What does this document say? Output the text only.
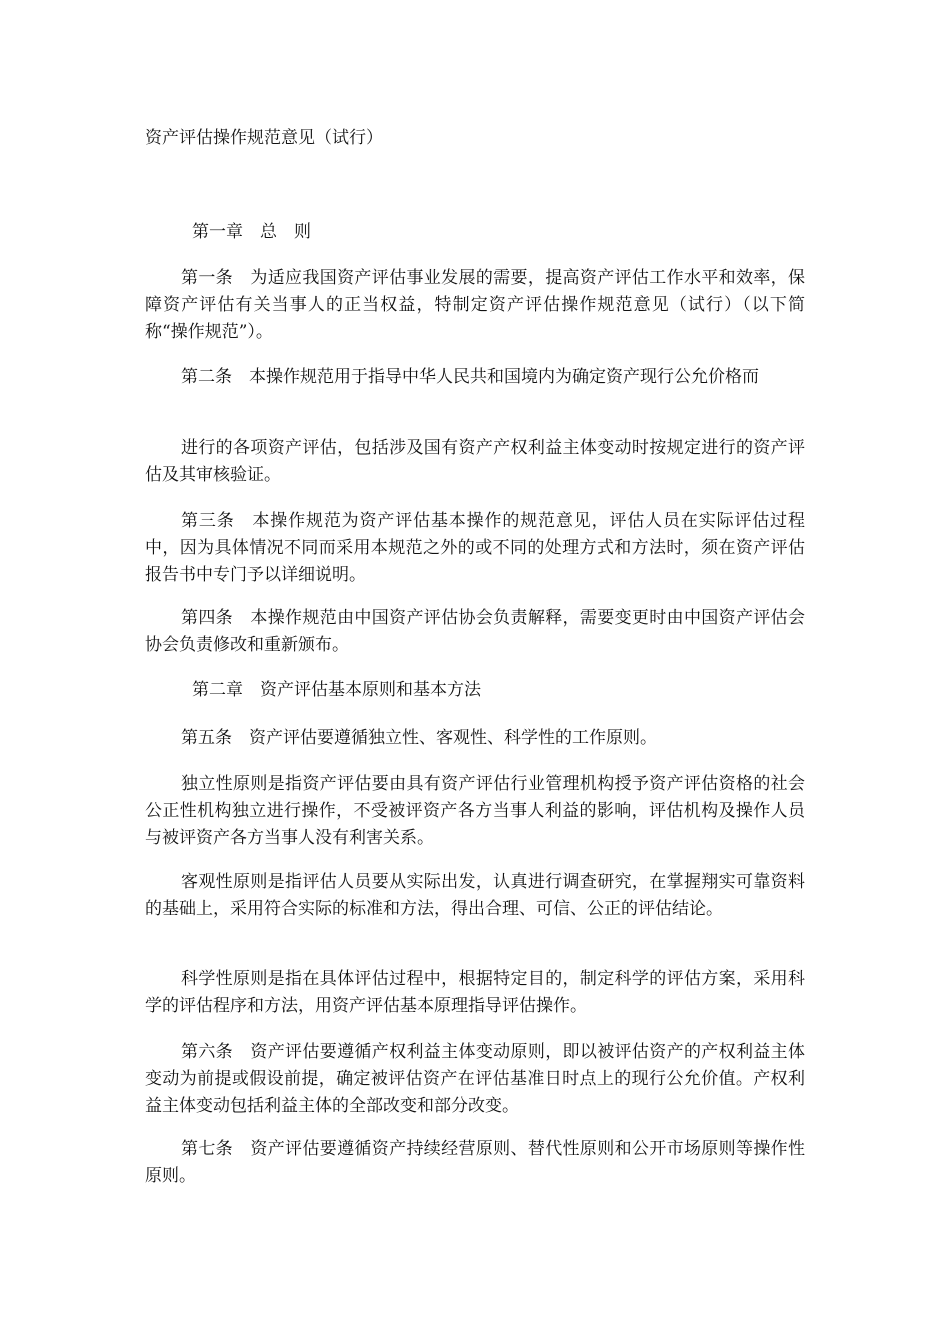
资产评估操作规范意见（试行）
第一章　总　则
第一条　为适应我国资产评估事业发展的需要，提高资产评估工作水平和效率，保障资产评估有关当事人的正当权益，特制定资产评估操作规范意见（试行）（以下简称“操作规范”）。
第二条　本操作规范用于指导中华人民共和国境内为确定资产现行公允价格而
进行的各项资产评估，包括涉及国有资产产权利益主体变动时按规定进行的资产评估及其审核验证。
第三条　本操作规范为资产评估基本操作的规范意见，评估人员在实际评估过程中，因为具体情况不同而采用本规范之外的或不同的处理方式和方法时，须在资产评估报告书中专门予以详细说明。
第四条　本操作规范由中国资产评估协会负责解释，需要变更时由中国资产评估会协会负责修改和重新颁布。
第二章　资产评估基本原则和基本方法
第五条　资产评估要遵循独立性、客观性、科学性的工作原则。
独立性原则是指资产评估要由具有资产评估行业管理机构授予资产评估资格的社会公正性机构独立进行操作，不受被评资产各方当事人利益的影响，评估机构及操作人员与被评资产各方当事人没有利害关系。
客观性原则是指评估人员要从实际出发，认真进行调查研究，在掌握翔实可靠资料的基础上，采用符合实际的标准和方法，得出合理、可信、公正的评估结论。
科学性原则是指在具体评估过程中，根据特定目的，制定科学的评估方案，采用科学的评估程序和方法，用资产评估基本原理指导评估操作。
第六条　资产评估要遵循产权利益主体变动原则，即以被评估资产的产权利益主体变动为前提或假设前提，确定被评估资产在评估基准日时点上的现行公允价值。产权利益主体变动包括利益主体的全部改变和部分改变。
第七条　资产评估要遵循资产持续经营原则、替代性原则和公开市场原则等操作性原则。
